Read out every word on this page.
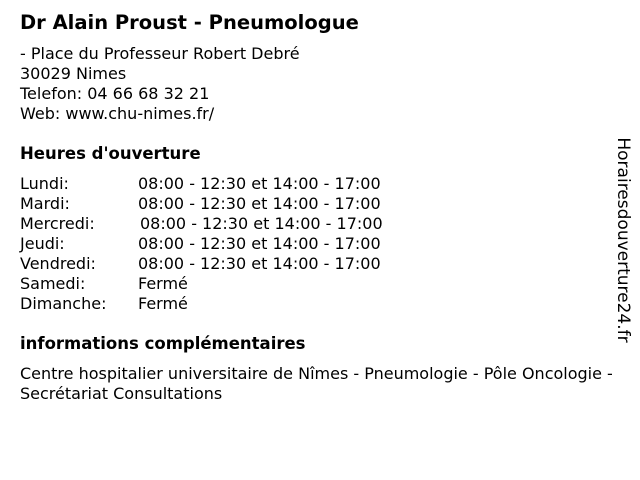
Dr Alain Proust - Pneumologue
- Place du Professeur Robert Debré
30029 Nimes
Telefon: 04 66 68 32 21
Web: www.chu-nimes.fr/
Heures d'ouverture
Lundi:	08:00 - 12:30 et 14:00 - 17:00
Mardi:	08:00 - 12:30 et 14:00 - 17:00
Mercredi:	08:00 - 12:30 et 14:00 - 17:00
Jeudi:	08:00 - 12:30 et 14:00 - 17:00
Vendredi:	08:00 - 12:30 et 14:00 - 17:00
Samedi:	Fermé
Dimanche: Fermé
informations complémentaires
Centre hospitalier universitaire de Nîmes - Pneumologie - Pôle Oncologie - Secrétariat Consultations
Horairesdouverture24.fr
